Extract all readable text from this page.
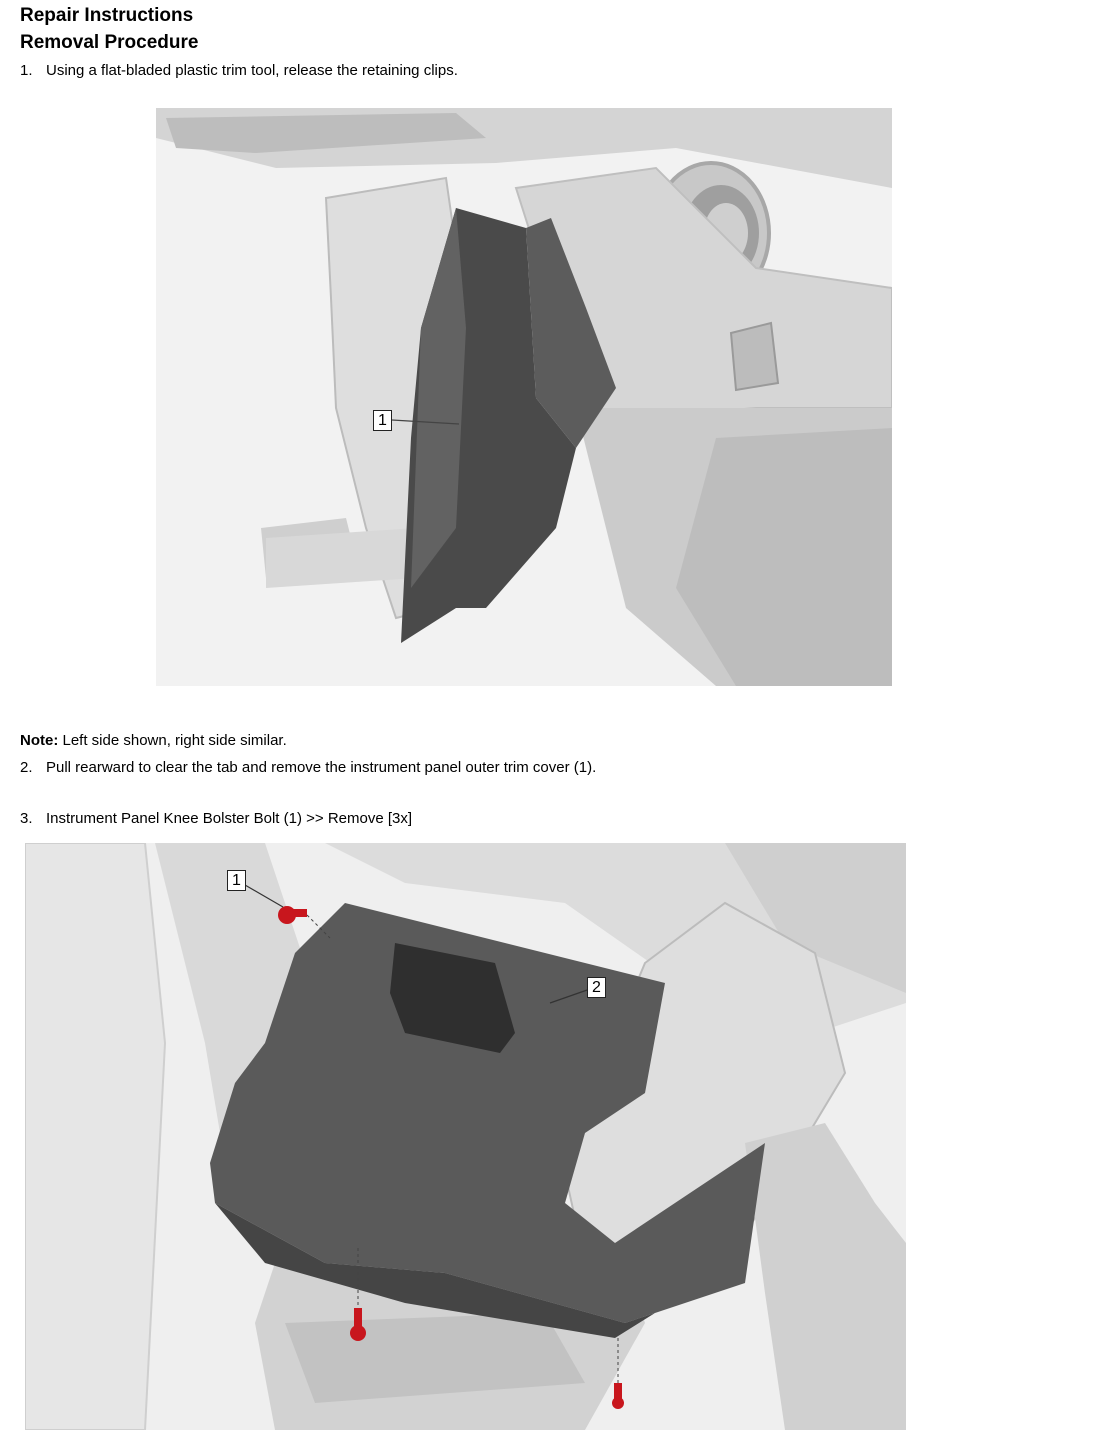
Repair Instructions
Removal Procedure
1. Using a flat-bladed plastic trim tool, release the retaining clips.
1
Note: Left side shown, right side similar.
2. Pull rearward to clear the tab and remove the instrument panel outer trim cover (1).
3. Instrument Panel Knee Bolster Bolt (1) >> Remove [3x]
1
2
